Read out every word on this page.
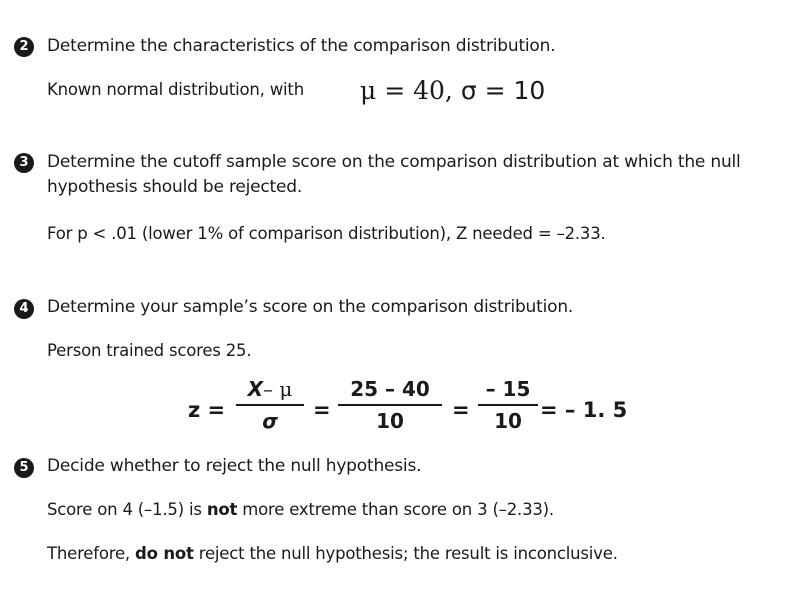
2	Determine the characteristics of the comparison distribution.
Known normal distribution, with μ = 40, σ = 10
3	Determine the cutoff sample score on the comparison distribution at which the null
hypothesis should be rejected.
For p < .01 (lower 1% of comparison distribution), Z needed = –2.33.
4	Determine your sample’s score on the comparison distribution.
Person trained scores 25.
z =
X– μ
σ =
25 – 40
10 =
– 15
10 = – 1. 5
5	Decide whether to reject the null hypothesis.
Score on 4 (–1.5) is not more extreme than score on 3 (–2.33).
Therefore, do not reject the null hypothesis; the result is inconclusive.
